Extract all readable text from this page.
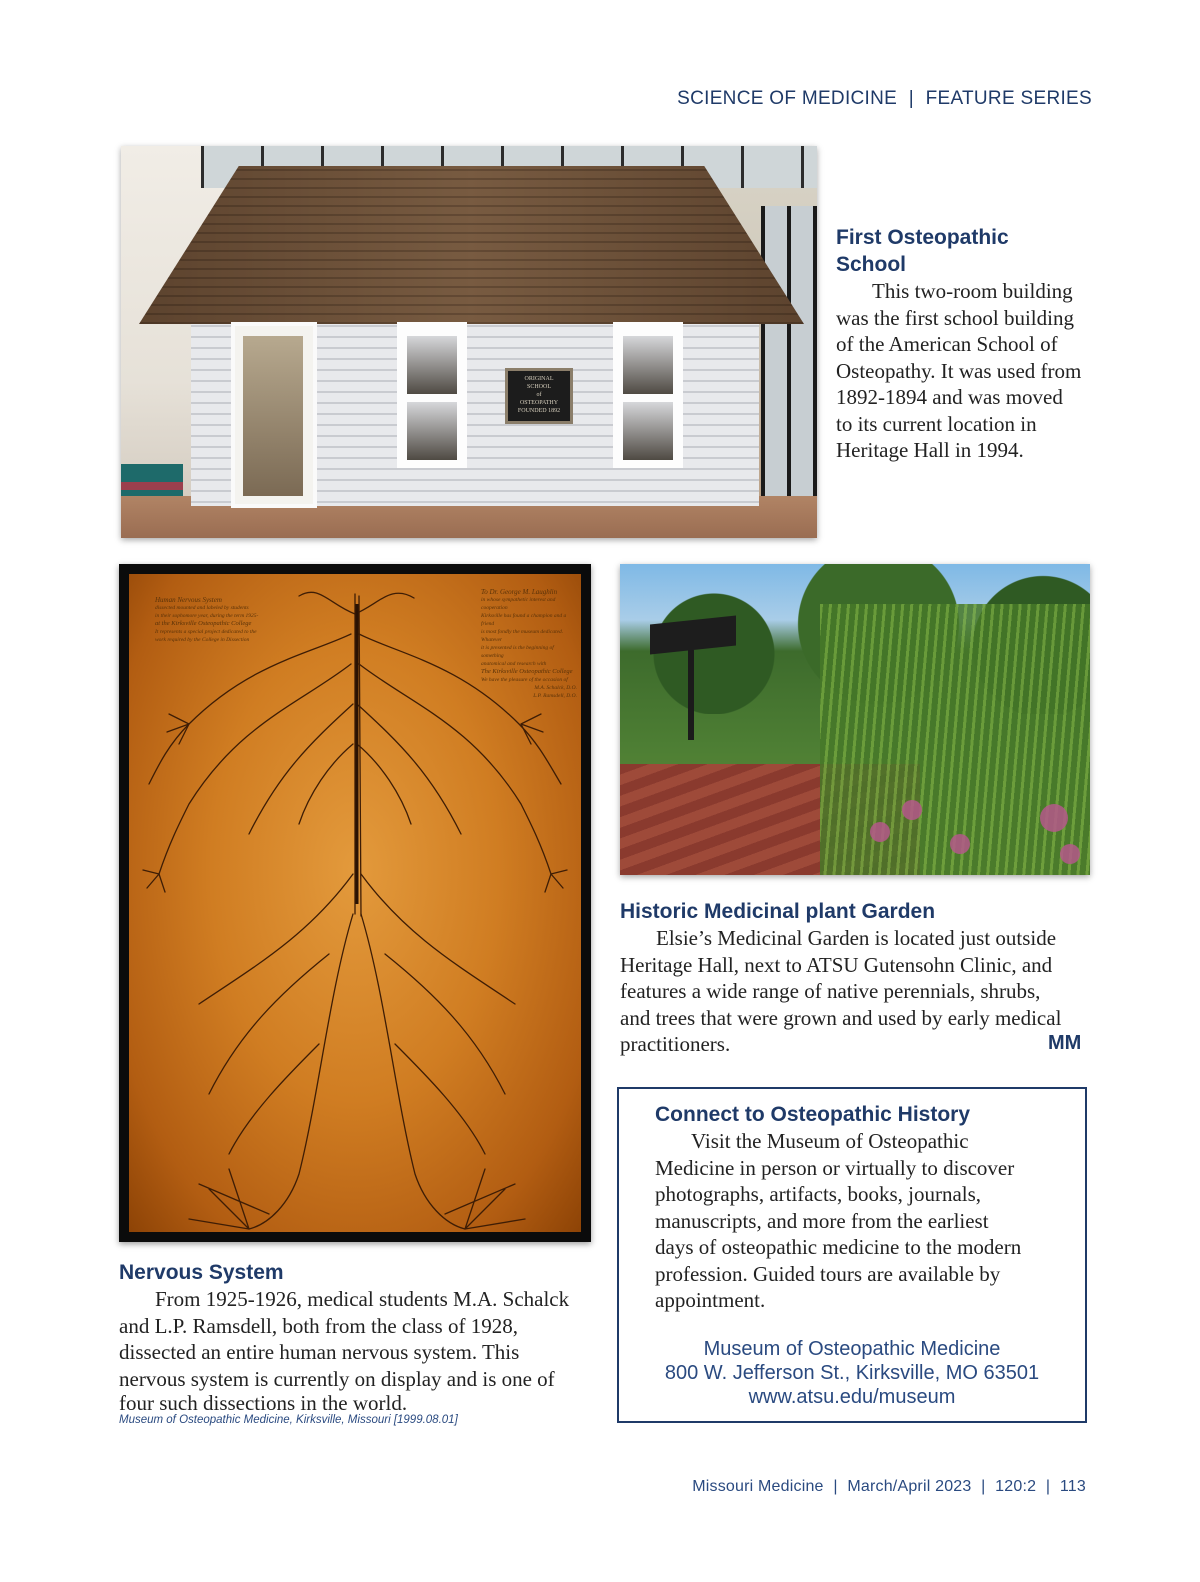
SCIENCE OF MEDICINE | FEATURE SERIES
ORIGINAL
SCHOOL
of
OSTEOPATHY
FOUNDED 1892
First Osteopathic
School
This two-room building
was the first school building
of the American School of
Osteopathy. It was used from
1892-1894 and was moved
to its current location in
Heritage Hall in 1994.
Human Nervous System
dissected mounted and labeled by students
in their sophomore year, during the term 1925-
at the Kirksville Osteopathic College
It represents a special project dedicated to the
work required by the College in Dissection
To Dr. George M. Laughlin
in whose sympathetic interest and cooperation
Kirksville has found a champion and a friend
is most fondly the museum dedicated. Whatever
it is presented is the beginning of something
anatomical and research with
The Kirksville Osteopathic College
We have the pleasure of the occasion of
M.A. Schalck, D.O.
L.P. Ramsdell, D.O.
Historic Medicinal plant Garden
Elsie’s Medicinal Garden is located just outside
Heritage Hall, next to ATSU Gutensohn Clinic, and
features a wide range of native perennials, shrubs,
and trees that were grown and used by early medical
practitioners.	MM
Nervous System
From 1925-1926, medical students M.A. Schalck
and L.P. Ramsdell, both from the class of 1928,
dissected an entire human nervous system. This
nervous system is currently on display and is one of
four such dissections in the world.
Museum of Osteopathic Medicine, Kirksville, Missouri [1999.08.01]
Connect to Osteopathic History
Visit the Museum of Osteopathic
Medicine in person or virtually to discover
photographs, artifacts, books, journals,
manuscripts, and more from the earliest
days of osteopathic medicine to the modern
profession. Guided tours are available by
appointment.
Museum of Osteopathic Medicine
800 W. Jefferson St., Kirksville, MO 63501
www.atsu.edu/museum
Missouri Medicine | March/April 2023 | 120:2 | 113
